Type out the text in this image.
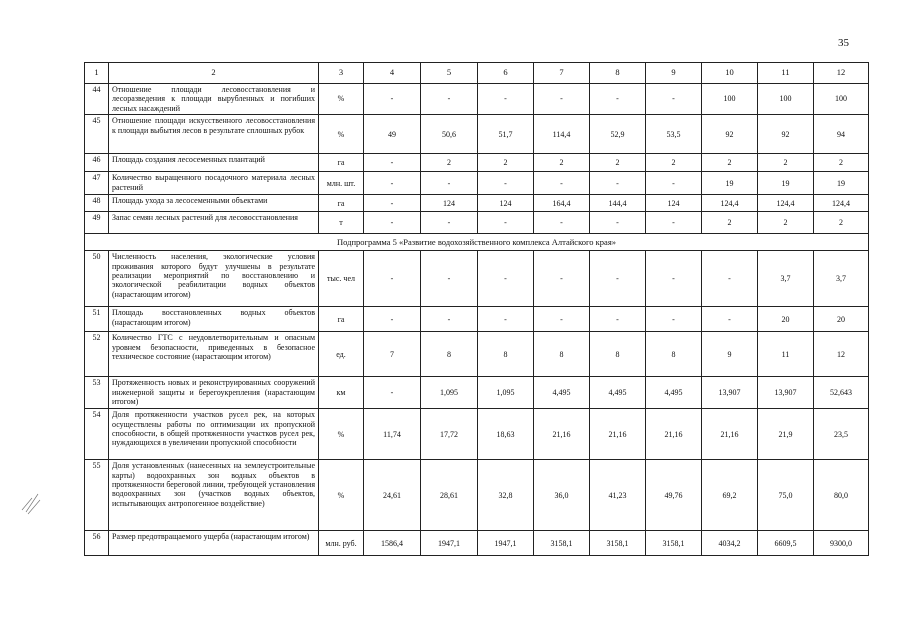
35
1	2	3	4	5	6	7	8	9	10	11	12
44	Отношение площади лесовосстановления и лесоразведения к площади вырубленных и погибших лесных насаждений	%	-	-	-	-	-	-	100	100	100
45	Отношение площади искусственного лесовосстановления к площади выбытия лесов в результате сплошных рубок	%	49	50,6	51,7	114,4	52,9	53,5	92	92	94
46	Площадь создания лесосеменных плантаций	га	-	2	2	2	2	2	2	2	2
47	Количество выращенного посадочного материала лесных растений	млн. шт.	-	-	-	-	-	-	19	19	19
48	Площадь ухода за лесосеменными объектами	га	-	124	124	164,4	144,4	124	124,4	124,4	124,4
49	Запас семян лесных растений для лесовосстановления	т	-	-	-	-	-	-	2	2	2
Подпрограмма 5 «Развитие водохозяйственного комплекса Алтайского края»											
50	Численность населения, экологические условия проживания которого будут улучшены в результате реализации мероприятий по восстановлению и экологической реабилитации водных объектов (нарастающим итогом)	тыс. чел	-	-	-	-	-	-	-	3,7	3,7
51	Площадь восстановленных водных объектов (нарастающим итогом)	га	-	-	-	-	-	-	-	20	20
52	Количество ГТС с неудовлетворительным и опасным уровнем безопасности, приведенных в безопасное техническое состояние (нарастающим итогом)	ед.	7	8	8	8	8	8	9	11	12
53	Протяженность новых и реконструированных сооружений инженерной защиты и берегоукрепления (нарастающим итогом)	км	-	1,095	1,095	4,495	4,495	4,495	13,907	13,907	52,643
54	Доля протяженности участков русел рек, на которых осуществлены работы по оптимизации их пропускной способности, в общей протяженности участков русел рек, нуждающихся в увеличении пропускной способности	%	11,74	17,72	18,63	21,16	21,16	21,16	21,16	21,9	23,5
55	Доля установленных (нанесенных на землеустроительные карты) водоохранных зон водных объектов в протяженности береговой линии, требующей установления водоохранных зон (участков водных объектов, испытывающих антропогенное воздействие)	%	24,61	28,61	32,8	36,0	41,23	49,76	69,2	75,0	80,0
56	Размер предотвращаемого ущерба (нарастающим итогом)	млн. руб.	1586,4	1947,1	1947,1	3158,1	3158,1	3158,1	4034,2	6609,5	9300,0
